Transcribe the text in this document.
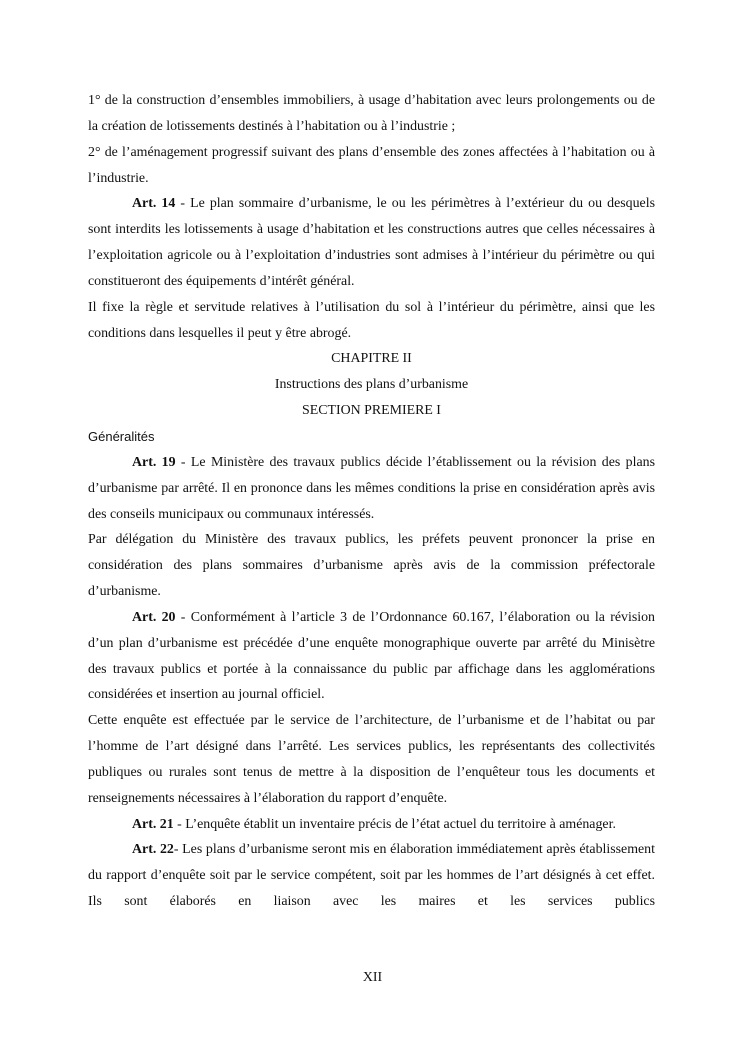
1° de la construction d’ensembles immobiliers, à usage d’habitation avec leurs prolongements ou de la création de lotissements destinés à l’habitation ou à l’industrie ;

2° de l’aménagement progressif suivant des plans d’ensemble des zones affectées à l’habitation ou à l’industrie.

Art. 14 - Le plan sommaire d’urbanisme, le ou les périmètres à l’extérieur du ou desquels sont interdits les lotissements à usage d’habitation et les constructions autres que celles nécessaires à l’exploitation agricole ou à l’exploitation d’industries sont admises à l’intérieur du périmètre ou qui constitueront des équipements d’intérêt général.

Il fixe la règle et servitude relatives à l’utilisation du sol à l’intérieur du périmètre, ainsi que les conditions dans lesquelles il peut y être abrogé.

CHAPITRE II

Instructions des plans d’urbanisme

SECTION PREMIERE I

Généralités

Art. 19 - Le Ministère des travaux publics décide l’établissement ou la révision des plans d’urbanisme par arrêté. Il en prononce dans les mêmes conditions la prise en considération après avis des conseils municipaux ou communaux intéressés.

Par délégation du Ministère des travaux publics, les préfets peuvent prononcer la prise en considération des plans sommaires d’urbanisme après avis de la commission préfectorale d’urbanisme.

Art. 20 - Conformément à l’article 3 de l’Ordonnance 60.167, l’élaboration ou la révision d’un plan d’urbanisme est précédée d’une enquête monographique ouverte par arrêté du Minisètre des travaux publics et portée à la connaissance du public par affichage dans les agglomérations considérées et insertion au journal officiel.

Cette enquête est effectuée par le service de l’architecture, de l’urbanisme et de l’habitat ou par l’homme de l’art désigné dans l’arrêté. Les services publics, les représentants des collectivités publiques ou rurales sont tenus de mettre à la disposition de l’enquêteur tous les documents et renseignements nécessaires à l’élaboration du rapport d’enquête.

Art. 21 - L’enquête établit un inventaire précis de l’état actuel du territoire à aménager.

Art. 22- Les plans d’urbanisme seront mis en élaboration immédiatement après établissement du rapport d’enquête soit par le service compétent, soit par les hommes de l’art désignés à cet effet. Ils sont élaborés en liaison avec les maires et les services publics

XII
